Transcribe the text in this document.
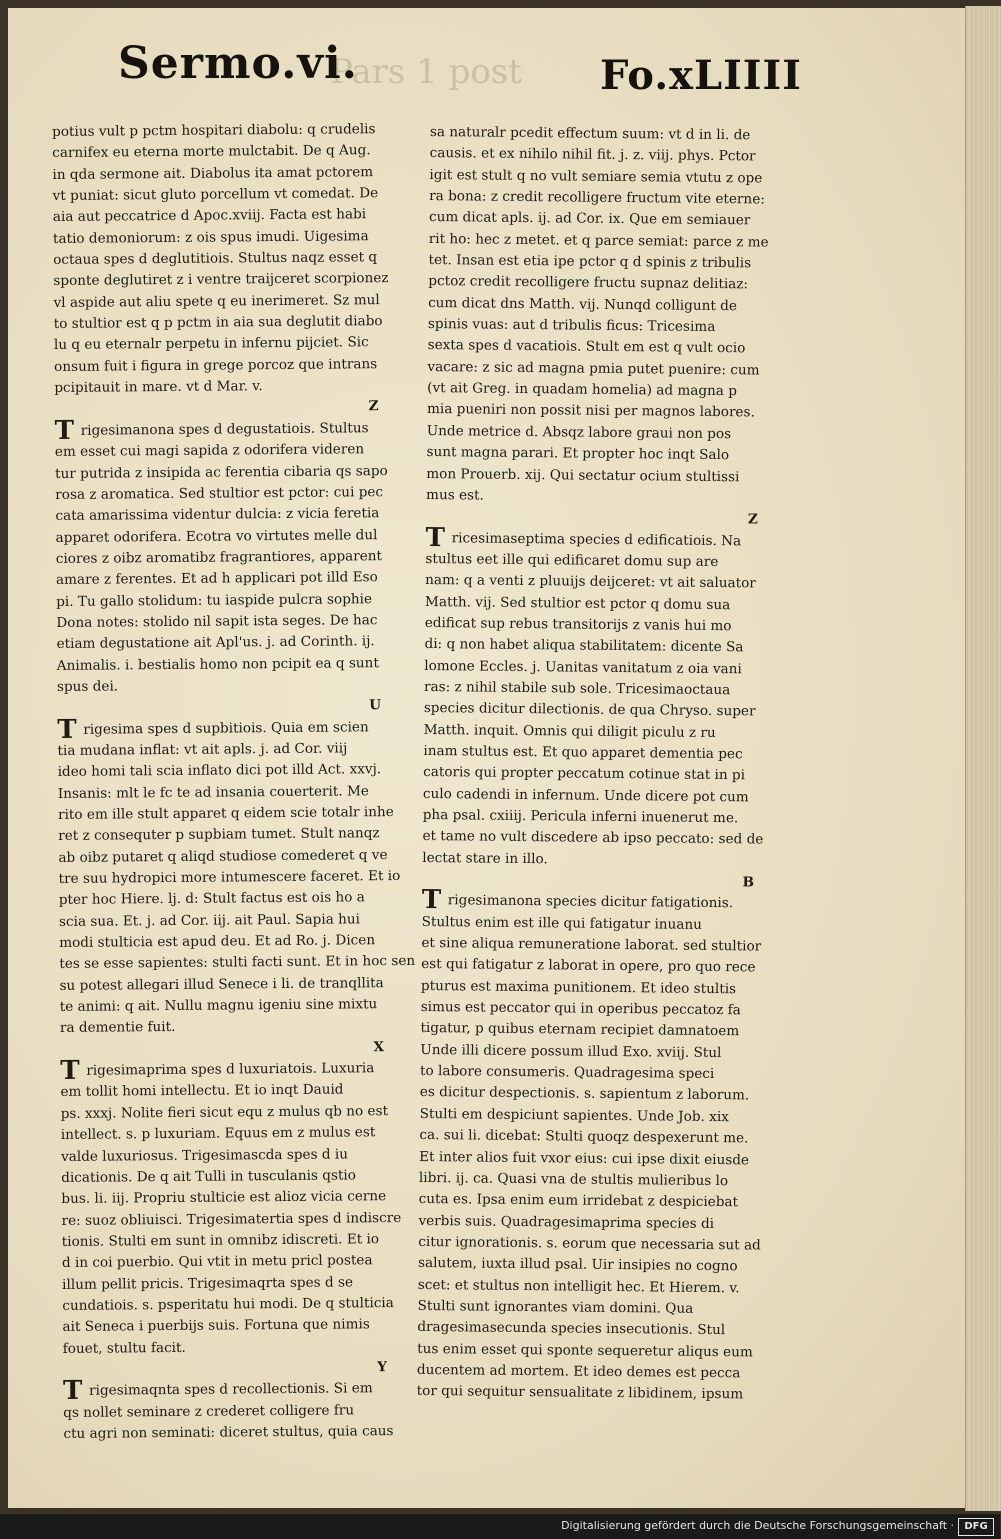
Pars 1 post
Sermo.vi.	Fo.xLIIII
potius vult p pctm hospitari diabolu: q crudelis
carnifex eu eterna morte mulctabit. De q Aug.
in qda sermone ait. Diabolus ita amat pctorem
vt puniat: sicut gluto porcellum vt comedat. De
aia aut peccatrice d Apoc.xviij. Facta est habi
tatio demoniorum: z ois spus imudi. Uigesima
octaua spes d deglutitiois. Stultus naqz esset q
sponte deglutiret z i ventre traijceret scorpionez
vl aspide aut aliu spete q eu inerimeret. Sz mul
to stultior est q p pctm in aia sua deglutit diabo
lu q eu eternalr perpetu in infernu pijciet. Sic
onsum fuit i figura in grege porcoz que intrans
pcipitauit in mare. vt d Mar. v.
Z
Trigesimanona spes d degustatiois. Stultus
em esset cui magi sapida z odorifera videren
tur putrida z insipida ac ferentia cibaria qs sapo
rosa z aromatica. Sed stultior est pctor: cui pec
cata amarissima videntur dulcia: z vicia feretia
apparet odorifera. Ecotra vo virtutes melle dul
ciores z oibz aromatibz fragrantiores, apparent
amare z ferentes. Et ad h applicari pot illd Eso
pi. Tu gallo stolidum: tu iaspide pulcra sophie
Dona notes: stolido nil sapit ista seges. De hac
etiam degustatione ait Apl'us. j. ad Corinth. ij.
Animalis. i. bestialis homo non pcipit ea q sunt
spus dei.
U
Trigesima spes d supbitiois. Quia em scien
tia mudana inflat: vt ait apls. j. ad Cor. viij
ideo homi tali scia inflato dici pot illd Act. xxvj.
Insanis: mlt le fc te ad insania couerterit. Me
rito em ille stult apparet q eidem scie totalr inhe
ret z consequter p supbiam tumet. Stult nanqz
ab oibz putaret q aliqd studiose comederet q ve
tre suu hydropici more intumescere faceret. Et io
pter hoc Hiere. lj. d: Stult factus est ois ho a
scia sua. Et. j. ad Cor. iij. ait Paul. Sapia hui
modi stulticia est apud deu. Et ad Ro. j. Dicen
tes se esse sapientes: stulti facti sunt. Et in hoc sen
su potest allegari illud Senece i li. de tranqllita
te animi: q ait. Nullu magnu igeniu sine mixtu
ra dementie fuit.
X
Trigesimaprima spes d luxuriatois. Luxuria
em tollit homi intellectu. Et io inqt Dauid
ps. xxxj. Nolite fieri sicut equ z mulus qb no est
intellect. s. p luxuriam. Equus em z mulus est
valde luxuriosus. Trigesimascda spes d iu
dicationis. De q ait Tulli in tusculanis qstio
bus. li. iij. Propriu stulticie est alioz vicia cerne
re: suoz obliuisci. Trigesimatertia spes d indiscre
tionis. Stulti em sunt in omnibz idiscreti. Et io
d in coi puerbio. Qui vtit in metu pricl postea
illum pellit pricis. Trigesimaqrta spes d se
cundatiois. s. psperitatu hui modi. De q stulticia
ait Seneca i puerbijs suis. Fortuna que nimis
fouet, stultu facit.
Y
Trigesimaqnta spes d recollectionis. Si em
qs nollet seminare z crederet colligere fru
ctu agri non seminati: diceret stultus, quia caus
sa naturalr pcedit effectum suum: vt d in li. de
causis. et ex nihilo nihil fit. j. z. viij. phys. Pctor
igit est stult q no vult semiare semia vtutu z ope
ra bona: z credit recolligere fructum vite eterne:
cum dicat apls. ij. ad Cor. ix. Que em semiauer
rit ho: hec z metet. et q parce semiat: parce z me
tet. Insan est etia ipe pctor q d spinis z tribulis
pctoz credit recolligere fructu supnaz delitiaz:
cum dicat dns Matth. vij. Nunqd colligunt de
spinis vuas: aut d tribulis ficus: Tricesima
sexta spes d vacatiois. Stult em est q vult ocio
vacare: z sic ad magna pmia putet puenire: cum
(vt ait Greg. in quadam homelia) ad magna p
mia pueniri non possit nisi per magnos labores.
Unde metrice d. Absqz labore graui non pos
sunt magna parari. Et propter hoc inqt Salo
mon Prouerb. xij. Qui sectatur ocium stultissi
mus est.
Z
Tricesimaseptima species d edificatiois. Na
stultus eet ille qui edificaret domu sup are
nam: q a venti z pluuijs deijceret: vt ait saluator
Matth. vij. Sed stultior est pctor q domu sua
edificat sup rebus transitorijs z vanis hui mo
di: q non habet aliqua stabilitatem: dicente Sa
lomone Eccles. j. Uanitas vanitatum z oia vani
ras: z nihil stabile sub sole. Tricesimaoctaua
species dicitur dilectionis. de qua Chryso. super
Matth. inquit. Omnis qui diligit piculu z ru
inam stultus est. Et quo apparet dementia pec
catoris qui propter peccatum cotinue stat in pi
culo cadendi in infernum. Unde dicere pot cum
pha psal. cxiiij. Pericula inferni inuenerut me.
et tame no vult discedere ab ipso peccato: sed de
lectat stare in illo.
B
Trigesimanona species dicitur fatigationis.
Stultus enim est ille qui fatigatur inuanu
et sine aliqua remuneratione laborat. sed stultior
est qui fatigatur z laborat in opere, pro quo rece
pturus est maxima punitionem. Et ideo stultis
simus est peccator qui in operibus peccatoz fa
tigatur, p quibus eternam recipiet damnatoem
Unde illi dicere possum illud Exo. xviij. Stul
to labore consumeris. Quadragesima speci
es dicitur despectionis. s. sapientum z laborum.
Stulti em despiciunt sapientes. Unde Job. xix
ca. sui li. dicebat: Stulti quoqz despexerunt me.
Et inter alios fuit vxor eius: cui ipse dixit eiusde
libri. ij. ca. Quasi vna de stultis mulieribus lo
cuta es. Ipsa enim eum irridebat z despiciebat
verbis suis. Quadragesimaprima species di
citur ignorationis. s. eorum que necessaria sut ad
salutem, iuxta illud psal. Uir insipies no cogno
scet: et stultus non intelligit hec. Et Hierem. v.
Stulti sunt ignorantes viam domini. Qua
dragesimasecunda species insecutionis. Stul
tus enim esset qui sponte sequeretur aliqus eum
ducentem ad mortem. Et ideo demes est pecca
tor qui sequitur sensualitate z libidinem, ipsum
Digitalisierung gefördert durch die Deutsche Forschungsgemeinschaft ·	DFG
